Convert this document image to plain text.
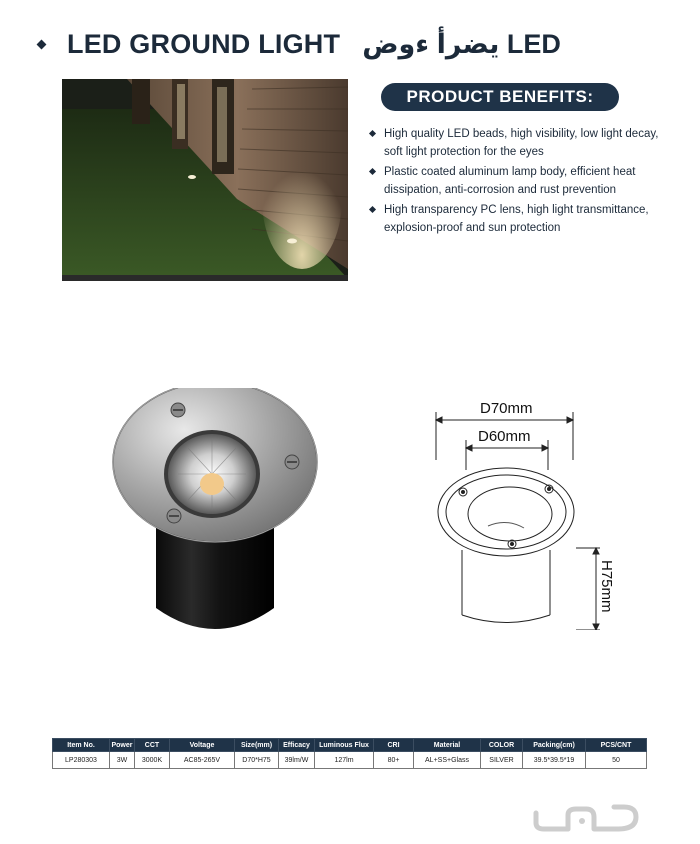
LED GROUND LIGHT LED يضرأ ءوض
PRODUCT BENEFITS:
High quality LED beads, high visibility, low light decay, soft light protection for the eyes
Plastic coated aluminum lamp body, efficient heat dissipation, anti-corrosion and rust prevention
High transparency PC lens, high light transmittance, explosion-proof and sun protection
D70mm
D60mm
H75mm
Item No.	Power	CCT	Voltage	Size(mm)	Efficacy	Luminous Flux	CRI	Material	COLOR	Packing(cm)	PCS/CNT
LP280303	3W	3000K	AC85-265V	D70*H75	39lm/W	127lm	80+	AL+SS+Glass	SILVER	39.5*39.5*19	50
